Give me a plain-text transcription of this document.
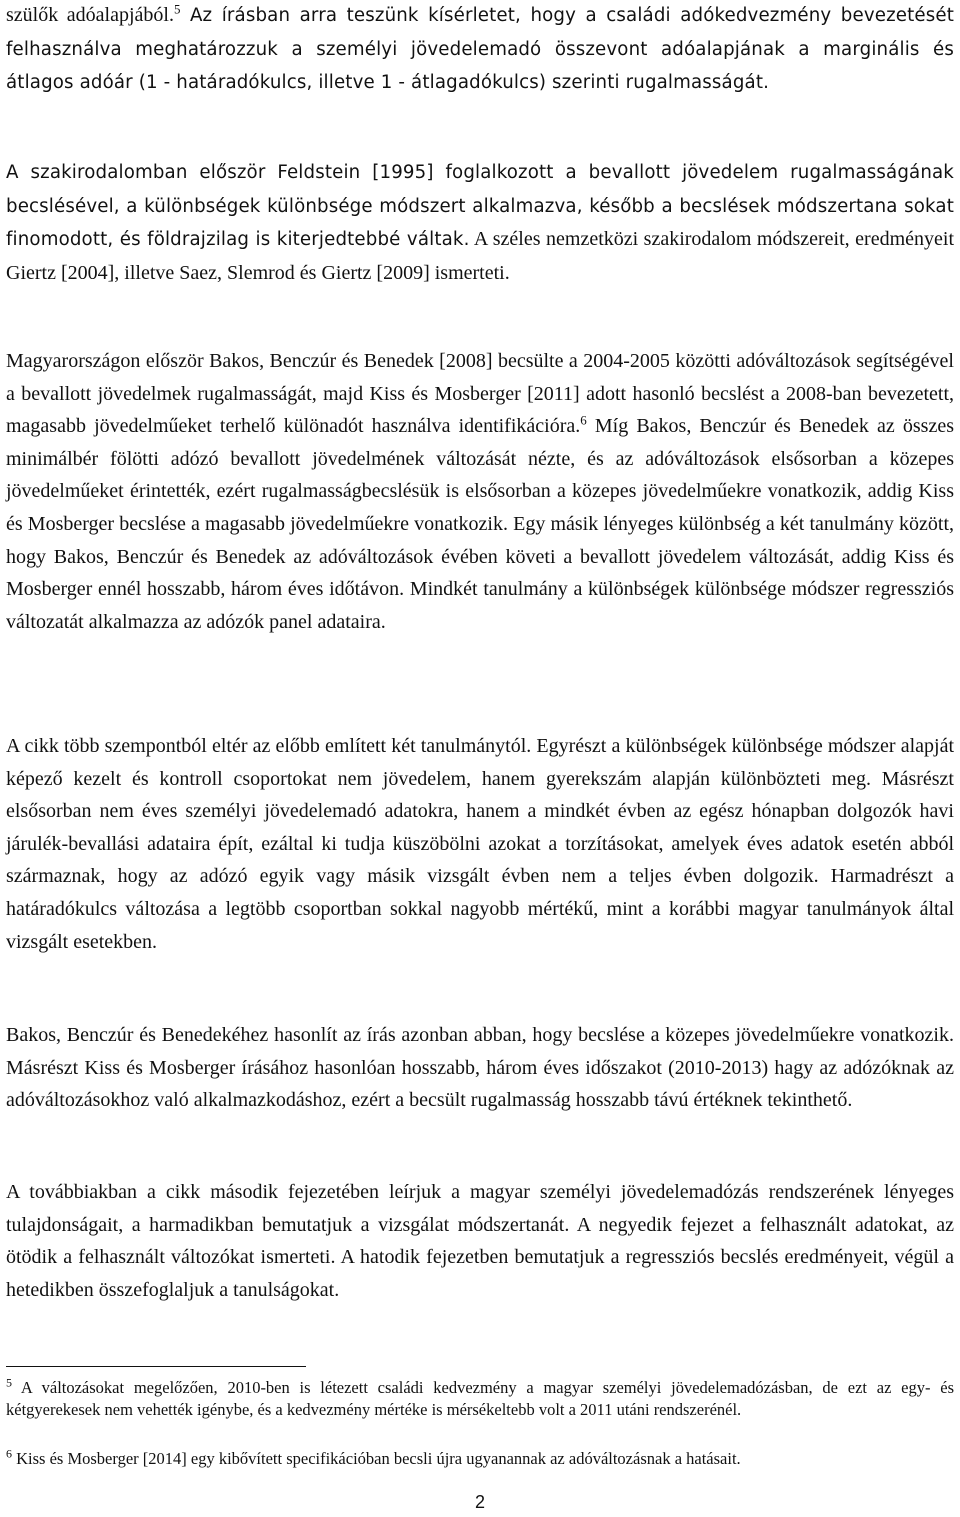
szülők adóalapjából.$^5$ Az írásban arra teszünk kísérletet, hogy a családi adókedvezmény bevezetését felhasználva meghatározzuk a személyi jövedelemadó összevont adóalapjának a marginális és átlagos adóár (1 - határadókulcs, illetve 1 - átlagadókulcs) szerinti rugalmasságát.

A szakirodalomban először Feldstein [1995] foglalkozott a bevallott jövedelem rugalmasságának becslésével, a különbségek különbsége módszert alkalmazva, később a becslések módszertana sokat finomodott, és földrajzilag is kiterjedtebbé váltak. A széles nemzetközi szakirodalom módszereit, eredményeit Giertz [2004], illetve Saez, Slemrod és Giertz [2009] ismerteti.

Magyarországon először Bakos, Benczúr és Benedek [2008] becsülte a 2004-2005 közötti adóváltozások segítségével a bevallott jövedelmek rugalmasságát, majd Kiss és Mosberger [2011] adott hasonló becslést a 2008-ban bevezetett, magasabb jövedelműeket terhelő különadót használva identifikációra.$^6$ Míg Bakos, Benczúr és Benedek az összes minimálbér fölötti adózó bevallott jövedelmének változását nézte, és az adóváltozások elsősorban a közepes jövedelműeket érintették, ezért rugalmasságbecslésük is elsősorban a közepes jövedelműekre vonatkozik, addig Kiss és Mosberger becslése a magasabb jövedelműekre vonatkozik. Egy másik lényeges különbség a két tanulmány között, hogy Bakos, Benczúr és Benedek az adóváltozások évében követi a bevallott jövedelem változását, addig Kiss és Mosberger ennél hosszabb, három éves időtávon. Mindkét tanulmány a különbségek különbsége módszer regressziós változatát alkalmazza az adózók panel adataira.

A cikk több szempontból eltér az előbb említett két tanulmánytól. Egyrészt a különbségek különbsége módszer alapját képező kezelt és kontroll csoportokat nem jövedelem, hanem gyerekszám alapján különbözteti meg. Másrészt elsősorban nem éves személyi jövedelemadó adatokra, hanem a mindkét évben az egész hónapban dolgozók havi járulék-bevallási adataira épít, ezáltal ki tudja küszöbölni azokat a torzításokat, amelyek éves adatok esetén abból származnak, hogy az adózó egyik vagy másik vizsgált évben nem a teljes évben dolgozik. Harmadrészt a határadókulcs változása a legtöbb csoportban sokkal nagyobb mértékű, mint a korábbi magyar tanulmányok által vizsgált esetekben.

Bakos, Benczúr és Benedekéhez hasonlít az írás azonban abban, hogy becslése a közepes jövedelműekre vonatkozik. Másrészt Kiss és Mosberger írásához hasonlóan hosszabb, három éves időszakot (2010-2013) hagy az adózóknak az adóváltozásokhoz való alkalmazkodáshoz, ezért a becsült rugalmasság hosszabb távú értéknek tekinthető.

A továbbiakban a cikk második fejezetében leírjuk a magyar személyi jövedelemadózás rendszerének lényeges tulajdonságait, a harmadikban bemutatjuk a vizsgálat módszertanát. A negyedik fejezet a felhasznált adatokat, az ötödik a felhasznált változókat ismerteti. A hatodik fejezetben bemutatjuk a regressziós becslés eredményeit, végül a hetedikben összefoglaljuk a tanulságokat.

$^5$ A változásokat megelőzően, 2010-ben is létezett családi kedvezmény a magyar személyi jövedelemadózásban, de ezt az egy- és kétgyerekesek nem vehették igénybe, és a kedvezmény mértéke is mérsékeltebb volt a 2011 utáni rendszerénél.

$^6$ Kiss és Mosberger [2014] egy kibővített specifikációban becsli újra ugyanannak az adóváltozásnak a hatásait.

2
